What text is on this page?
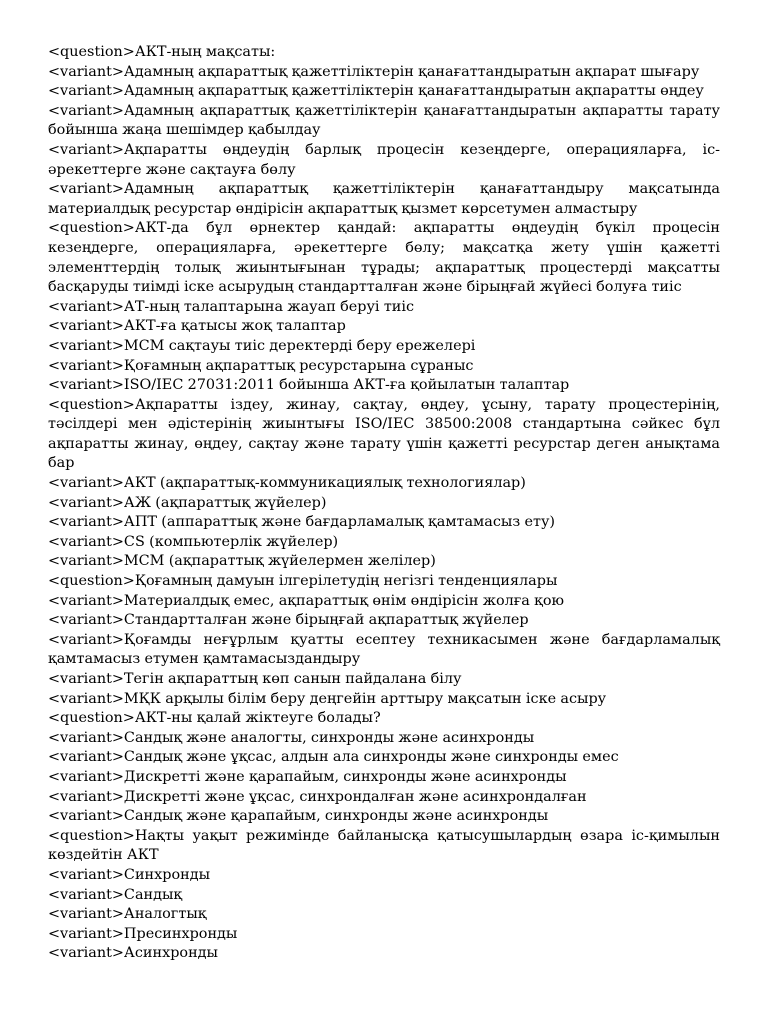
<question>АКТ-ның мақсаты:

<variant>Адамның ақпараттық қажеттіліктерін қанағаттандыратын ақпарат шығару

<variant>Адамның ақпараттық қажеттіліктерін қанағаттандыратын ақпаратты өңдеу

<variant>Адамның ақпараттық қажеттіліктерін қанағаттандыратын ақпаратты тарату бойынша жаңа шешімдер қабылдау

<variant>Ақпаратты өңдеудің барлық процесін кезеңдерге, операцияларға, іс-әрекеттерге және сақтауға бөлу

<variant>Адамның ақпараттық қажеттіліктерін қанағаттандыру мақсатында материалдық ресурстар өндірісін ақпараттық қызмет көрсетумен алмастыру

<question>АКТ-да бұл өрнектер қандай: ақпаратты өңдеудің бүкіл процесін кезеңдерге, операцияларға, әрекеттерге бөлу; мақсатқа жету үшін қажетті элементтердің толық жиынтығынан тұрады; ақпараттық процестерді мақсатты басқаруды тиімді іске асырудың стандартталған және бірыңғай жүйесі болуға тиіс

<variant>АТ-ның талаптарына жауап беруі тиіс

<variant>АКТ-ға қатысы жоқ талаптар

<variant>МСМ сақтауы тиіс деректерді беру ережелері

<variant>Қоғамның ақпараттық ресурстарына сұраныс

<variant>ISO/IEC 27031:2011 бойынша АКТ-ға қойылатын талаптар

<question>Ақпаратты іздеу, жинау, сақтау, өңдеу, ұсыну, тарату процестерінің, тәсілдері мен әдістерінің жиынтығы ISO/IEC 38500:2008 стандартына сәйкес бұл ақпаратты жинау, өңдеу, сақтау және тарату үшін қажетті ресурстар деген анықтама бар

<variant>АКТ (ақпараттық-коммуникациялық технологиялар)

<variant>АЖ (ақпараттық жүйелер)

<variant>АПТ (аппараттық және бағдарламалық қамтамасыз ету)

<variant>CS (компьютерлік жүйелер)

<variant>МСМ (ақпараттық жүйелермен желілер)

<question>Қоғамның дамуын ілгерілетудің негізгі тенденциялары

<variant>Материалдық емес, ақпараттық өнім өндірісін жолға қою

<variant>Стандартталған және бірыңғай ақпараттық жүйелер

<variant>Қоғамды неғұрлым қуатты есептеу техникасымен және бағдарламалық қамтамасыз етумен қамтамасыздандыру

<variant>Тегін ақпараттың көп санын пайдалана білу

<variant>МҚК арқылы білім беру деңгейін арттыру мақсатын іске асыру

<question>АКТ-ны қалай жіктеуге болады?

<variant>Сандық және аналогты, синхронды және асинхронды

<variant>Сандық және ұқсас, алдын ала синхронды және синхронды емес

<variant>Дискретті және қарапайым, синхронды және асинхронды

<variant>Дискретті және ұқсас, синхрондалған және асинхрондалған

<variant>Сандық және қарапайым, синхронды және асинхронды

<question>Нақты уақыт режимінде байланысқа қатысушылардың өзара іс-қимылын көздейтін АКТ

<variant>Синхронды

<variant>Сандық

<variant>Аналогтық

<variant>Пресинхронды

<variant>Асинхронды
